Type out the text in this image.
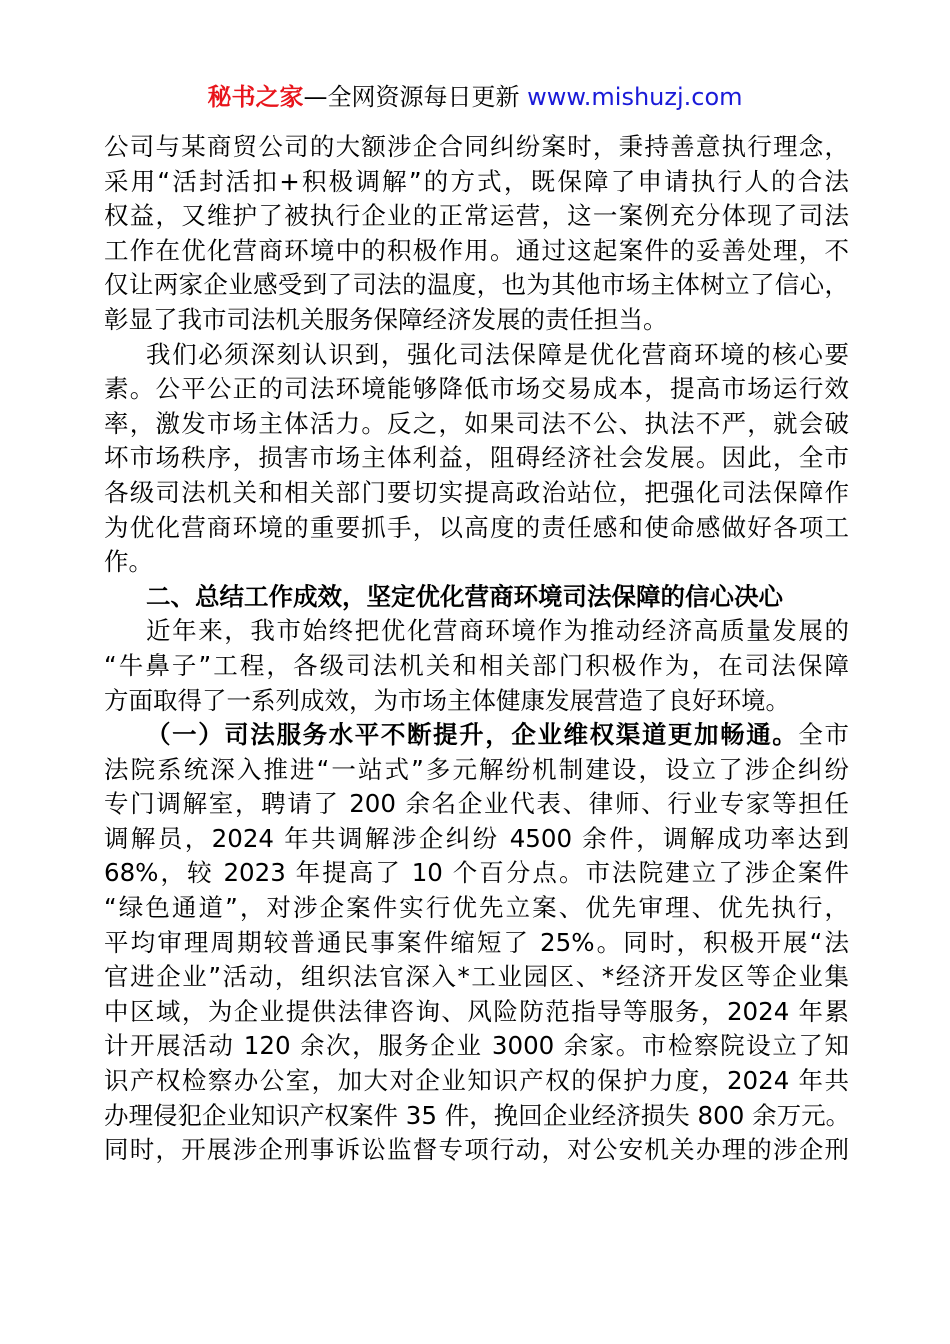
秘书之家—全网资源每日更新 www.mishuzj.com
公司与某商贸公司的大额涉企合同纠纷案时，秉持善意执行理念，
采用“活封活扣+积极调解”的方式，既保障了申请执行人的合法
权益，又维护了被执行企业的正常运营，这一案例充分体现了司法
工作在优化营商环境中的积极作用。通过这起案件的妥善处理，不
仅让两家企业感受到了司法的温度，也为其他市场主体树立了信心，
彰显了我市司法机关服务保障经济发展的责任担当。
我们必须深刻认识到，强化司法保障是优化营商环境的核心要
素。公平公正的司法环境能够降低市场交易成本，提高市场运行效
率，激发市场主体活力。反之，如果司法不公、执法不严，就会破
坏市场秩序，损害市场主体利益，阻碍经济社会发展。因此，全市
各级司法机关和相关部门要切实提高政治站位，把强化司法保障作
为优化营商环境的重要抓手，以高度的责任感和使命感做好各项工
作。
二、总结工作成效，坚定优化营商环境司法保障的信心决心
近年来，我市始终把优化营商环境作为推动经济高质量发展的
“牛鼻子”工程，各级司法机关和相关部门积极作为，在司法保障
方面取得了一系列成效，为市场主体健康发展营造了良好环境。
（一）司法服务水平不断提升，企业维权渠道更加畅通。全市
法院系统深入推进“一站式”多元解纷机制建设，设立了涉企纠纷
专门调解室，聘请了 200 余名企业代表、律师、行业专家等担任
调解员，2024 年共调解涉企纠纷 4500 余件，调解成功率达到
68%，较 2023 年提高了 10 个百分点。市法院建立了涉企案件
“绿色通道”，对涉企案件实行优先立案、优先审理、优先执行，
平均审理周期较普通民事案件缩短了 25%。同时，积极开展“法
官进企业”活动，组织法官深入*工业园区、*经济开发区等企业集
中区域，为企业提供法律咨询、风险防范指导等服务，2024 年累
计开展活动 120 余次，服务企业 3000 余家。市检察院设立了知
识产权检察办公室，加大对企业知识产权的保护力度，2024 年共
办理侵犯企业知识产权案件 35 件，挽回企业经济损失 800 余万元。
同时，开展涉企刑事诉讼监督专项行动，对公安机关办理的涉企刑
